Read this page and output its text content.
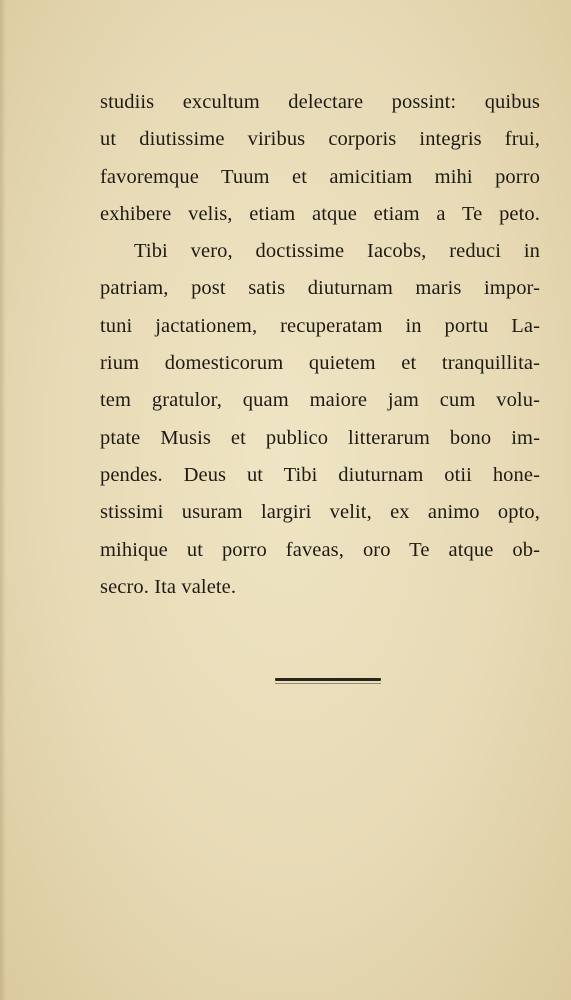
studiis excultum delectare possint: quibus
ut diutissime viribus corporis integris frui,
favoremque Tuum et amicitiam mihi porro
exhibere velis, etiam atque etiam a Te peto.
Tibi vero, doctissime Iacobs, reduci in
patriam, post satis diuturnam maris impor-
tuni jactationem, recuperatam in portu La-
rium domesticorum quietem et tranquillita-
tem gratulor, quam maiore jam cum volu-
ptate Musis et publico litterarum bono im-
pendes. Deus ut Tibi diuturnam otii hone-
stissimi usuram largiri velit, ex animo opto,
mihique ut porro faveas, oro Te atque ob-
secro. Ita valete.
